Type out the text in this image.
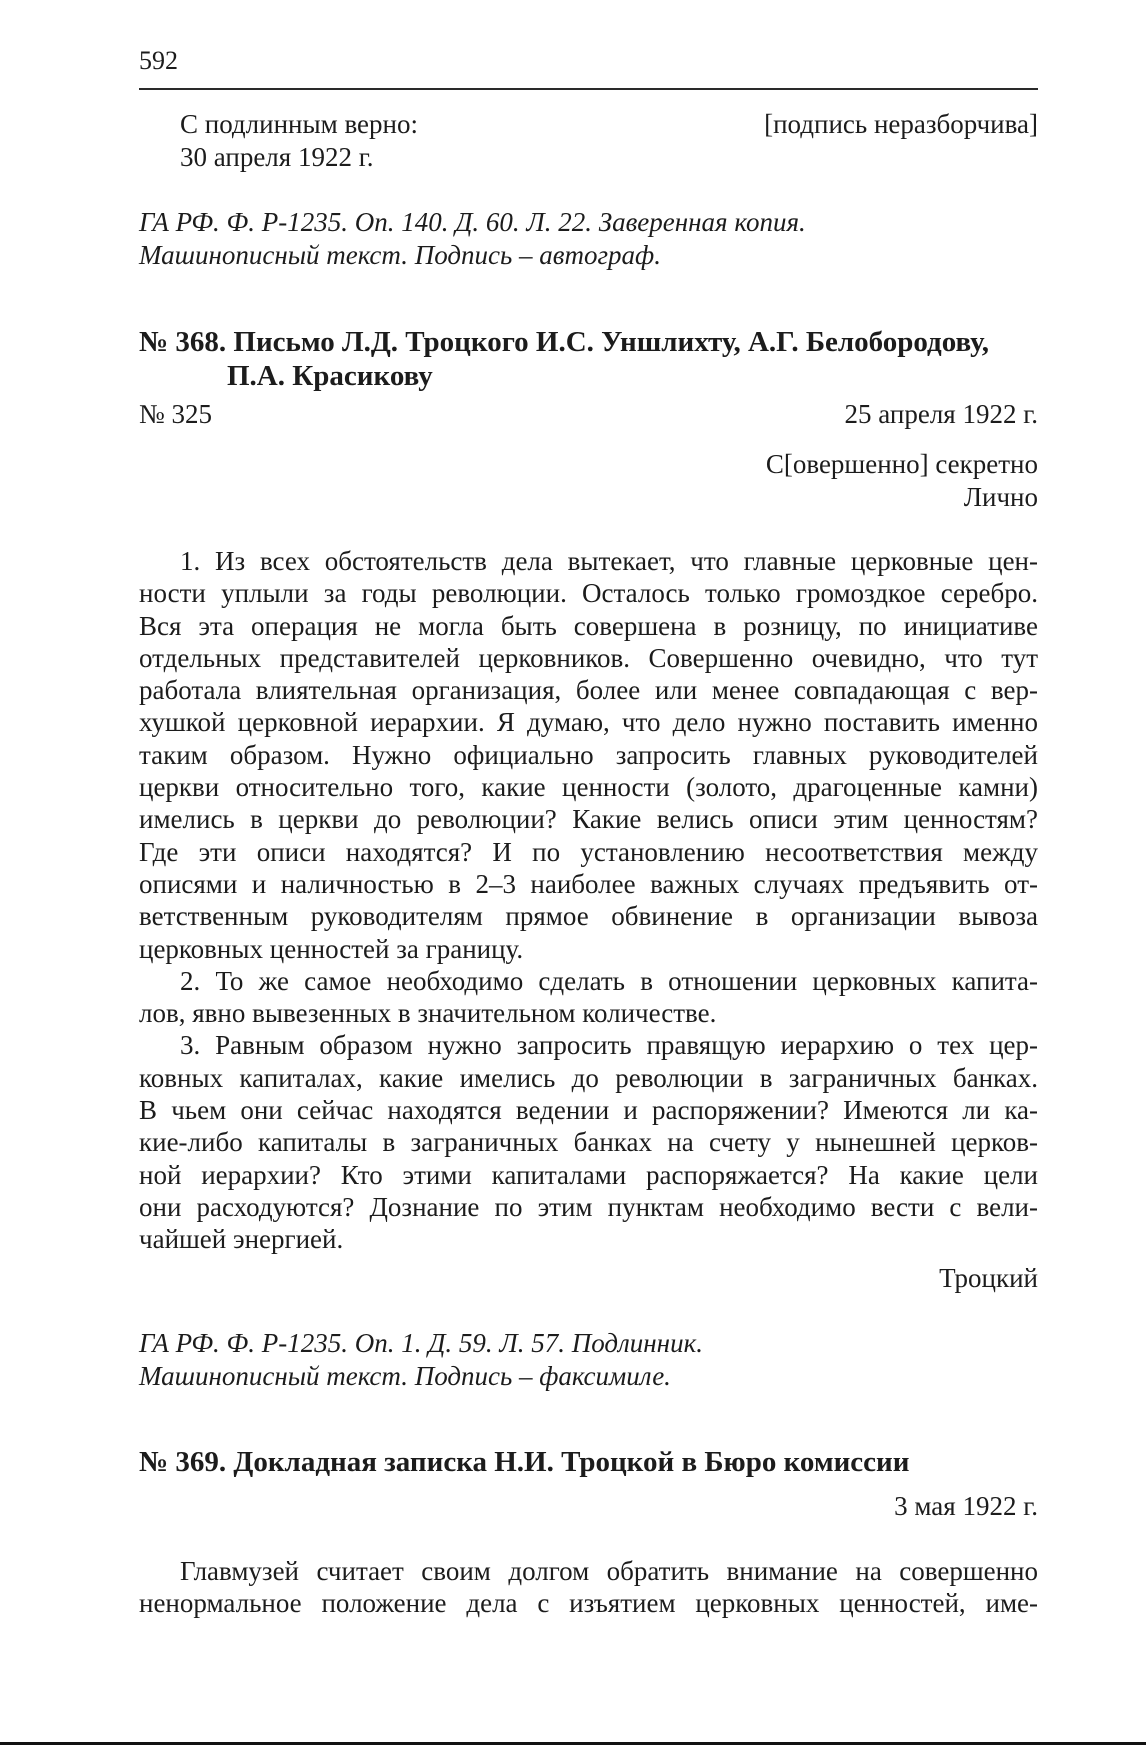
592
С подлинным верно:
30 апреля 1922 г.
[подпись неразборчива]
ГА РФ. Ф. Р-1235. Оп. 140. Д. 60. Л. 22. Заверенная копия.
Машинописный текст. Подпись – автограф.
№ 368. Письмо Л.Д. Троцкого И.С. Уншлихту, А.Г. Белобородову,
П.А. Красикову
№ 325	25 апреля 1922 г.
С[овершенно] секретно
Лично

1. Из всех обстоятельств дела вытекает, что главные церковные цен-

ности уплыли за годы революции. Осталось только громоздкое серебро.

Вся эта операция не могла быть совершена в розницу, по инициативе

отдельных представителей церковников. Совершенно очевидно, что тут

работала влиятельная организация, более или менее совпадающая с вер-

хушкой церковной иерархии. Я думаю, что дело нужно поставить именно

таким образом. Нужно официально запросить главных руководителей

церкви относительно того, какие ценности (золото, драгоценные камни)

имелись в церкви до революции? Какие велись описи этим ценностям?

Где эти описи находятся? И по установлению несоответствия между

описями и наличностью в 2–3 наиболее важных случаях предъявить от-

ветственным руководителям прямое обвинение в организации вывоза

церковных ценностей за границу.

2. То же самое необходимо сделать в отношении церковных капита-

лов, явно вывезенных в значительном количестве.

3. Равным образом нужно запросить правящую иерархию о тех цер-

ковных капиталах, какие имелись до революции в заграничных банках.

В чьем они сейчас находятся ведении и распоряжении? Имеются ли ка-

кие-либо капиталы в заграничных банках на счету у нынешней церков-

ной иерархии? Кто этими капиталами распоряжается? На какие цели

они расходуются? Дознание по этим пунктам необходимо вести с вели-

чайшей энергией.

Троцкий
ГА РФ. Ф. Р-1235. Оп. 1. Д. 59. Л. 57. Подлинник.
Машинописный текст. Подпись – факсимиле.
№ 369. Докладная записка Н.И. Троцкой в Бюро комиссии
3 мая 1922 г.

Главмузей считает своим долгом обратить внимание на совершенно

ненормальное положение дела с изъятием церковных ценностей, име-
